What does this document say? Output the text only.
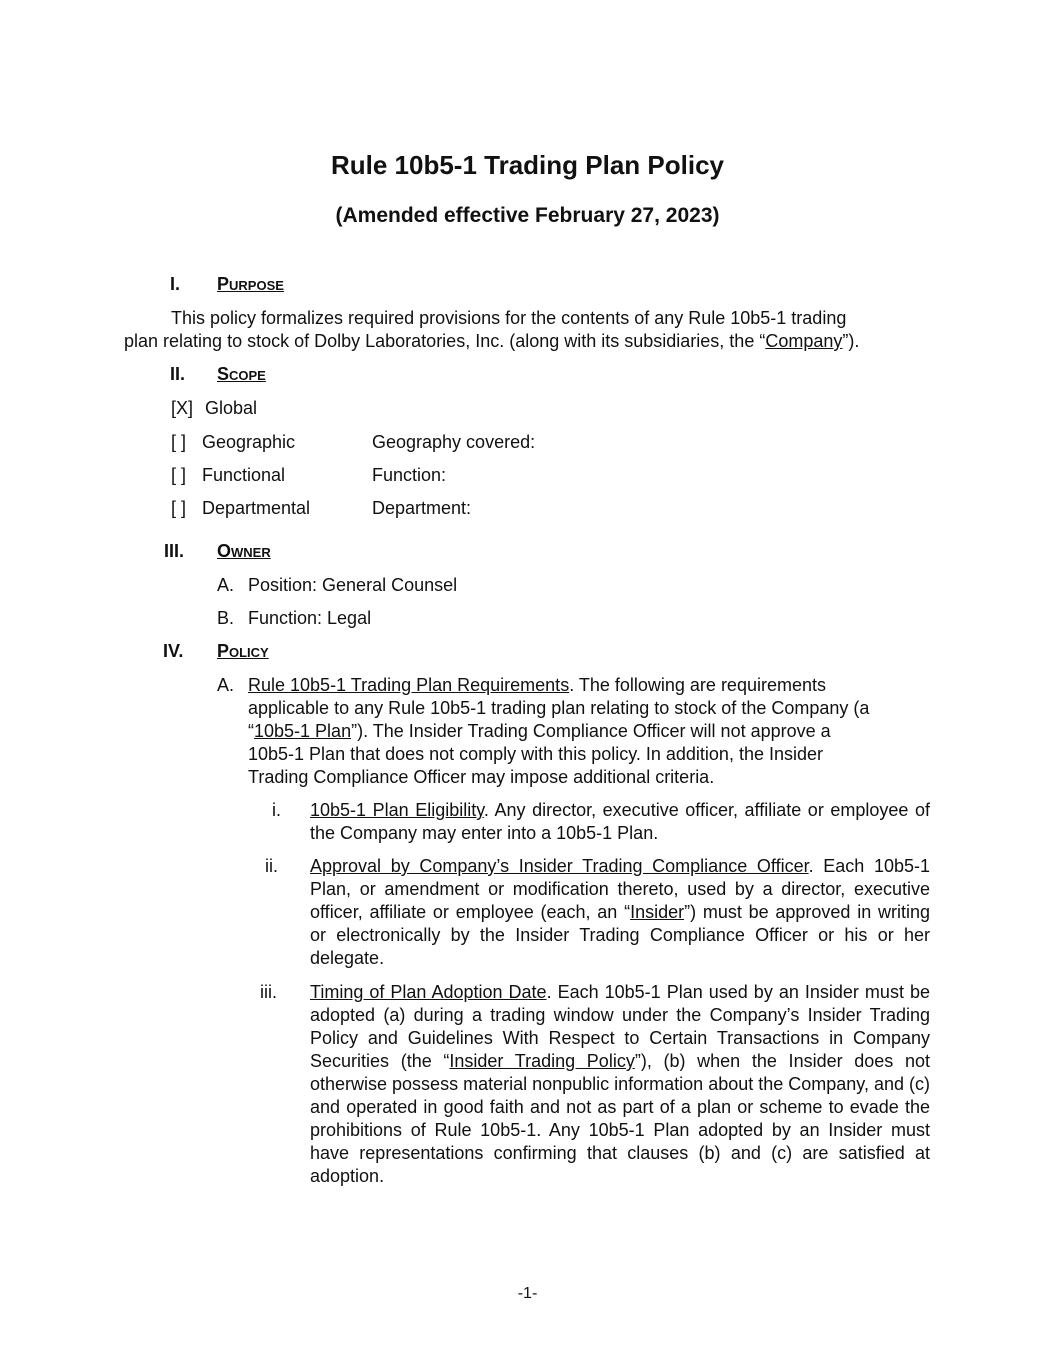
Rule 10b5-1 Trading Plan Policy
(Amended effective February 27, 2023)
I. Purpose
This policy formalizes required provisions for the contents of any Rule 10b5-1 trading
plan relating to stock of Dolby Laboratories, Inc. (along with its subsidiaries, the “Company”).
II. Scope
[X] Global
[ ] Geographic	Geography covered:
[ ] Functional	Function:
[ ] Departmental	Department:
III. Owner
A. Position: General Counsel
B. Function: Legal
IV. Policy
A. Rule 10b5-1 Trading Plan Requirements. The following are requirements applicable to any Rule 10b5-1 trading plan relating to stock of the Company (a “10b5-1 Plan”). The Insider Trading Compliance Officer will not approve a 10b5-1 Plan that does not comply with this policy. In addition, the Insider Trading Compliance Officer may impose additional criteria.
i. 10b5-1 Plan Eligibility. Any director, executive officer, affiliate or employee of the Company may enter into a 10b5-1 Plan.
ii. Approval by Company’s Insider Trading Compliance Officer. Each 10b5-1 Plan, or amendment or modification thereto, used by a director, executive officer, affiliate or employee (each, an “Insider”) must be approved in writing or electronically by the Insider Trading Compliance Officer or his or her delegate.
iii. Timing of Plan Adoption Date. Each 10b5-1 Plan used by an Insider must be adopted (a) during a trading window under the Company’s Insider Trading Policy and Guidelines With Respect to Certain Transactions in Company Securities (the “Insider Trading Policy”), (b) when the Insider does not otherwise possess material nonpublic information about the Company, and (c) and operated in good faith and not as part of a plan or scheme to evade the prohibitions of Rule 10b5-1. Any 10b5-1 Plan adopted by an Insider must have representations confirming that clauses (b) and (c) are satisfied at adoption.
-1-
